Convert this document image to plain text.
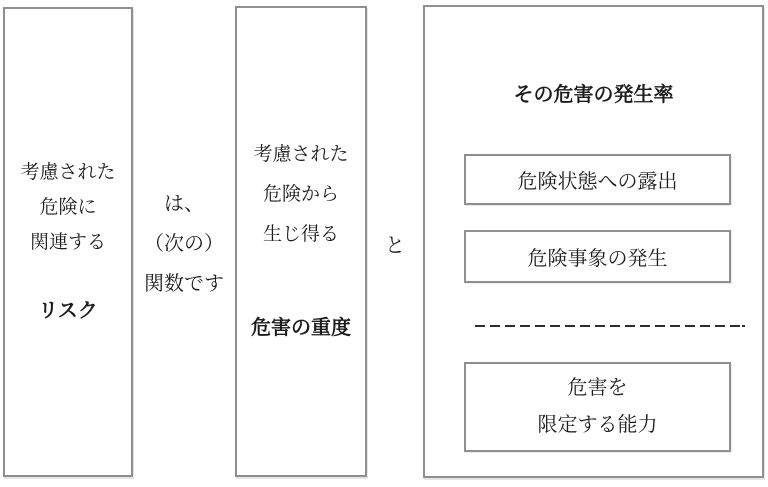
考慮された
危険に
関連する
リスク
は、
（次の）
関数です
考慮された
危険から
生じ得る
危害の重度
と
その危害の発生率
危険状態への露出
危険事象の発生
危害を
限定する能力
